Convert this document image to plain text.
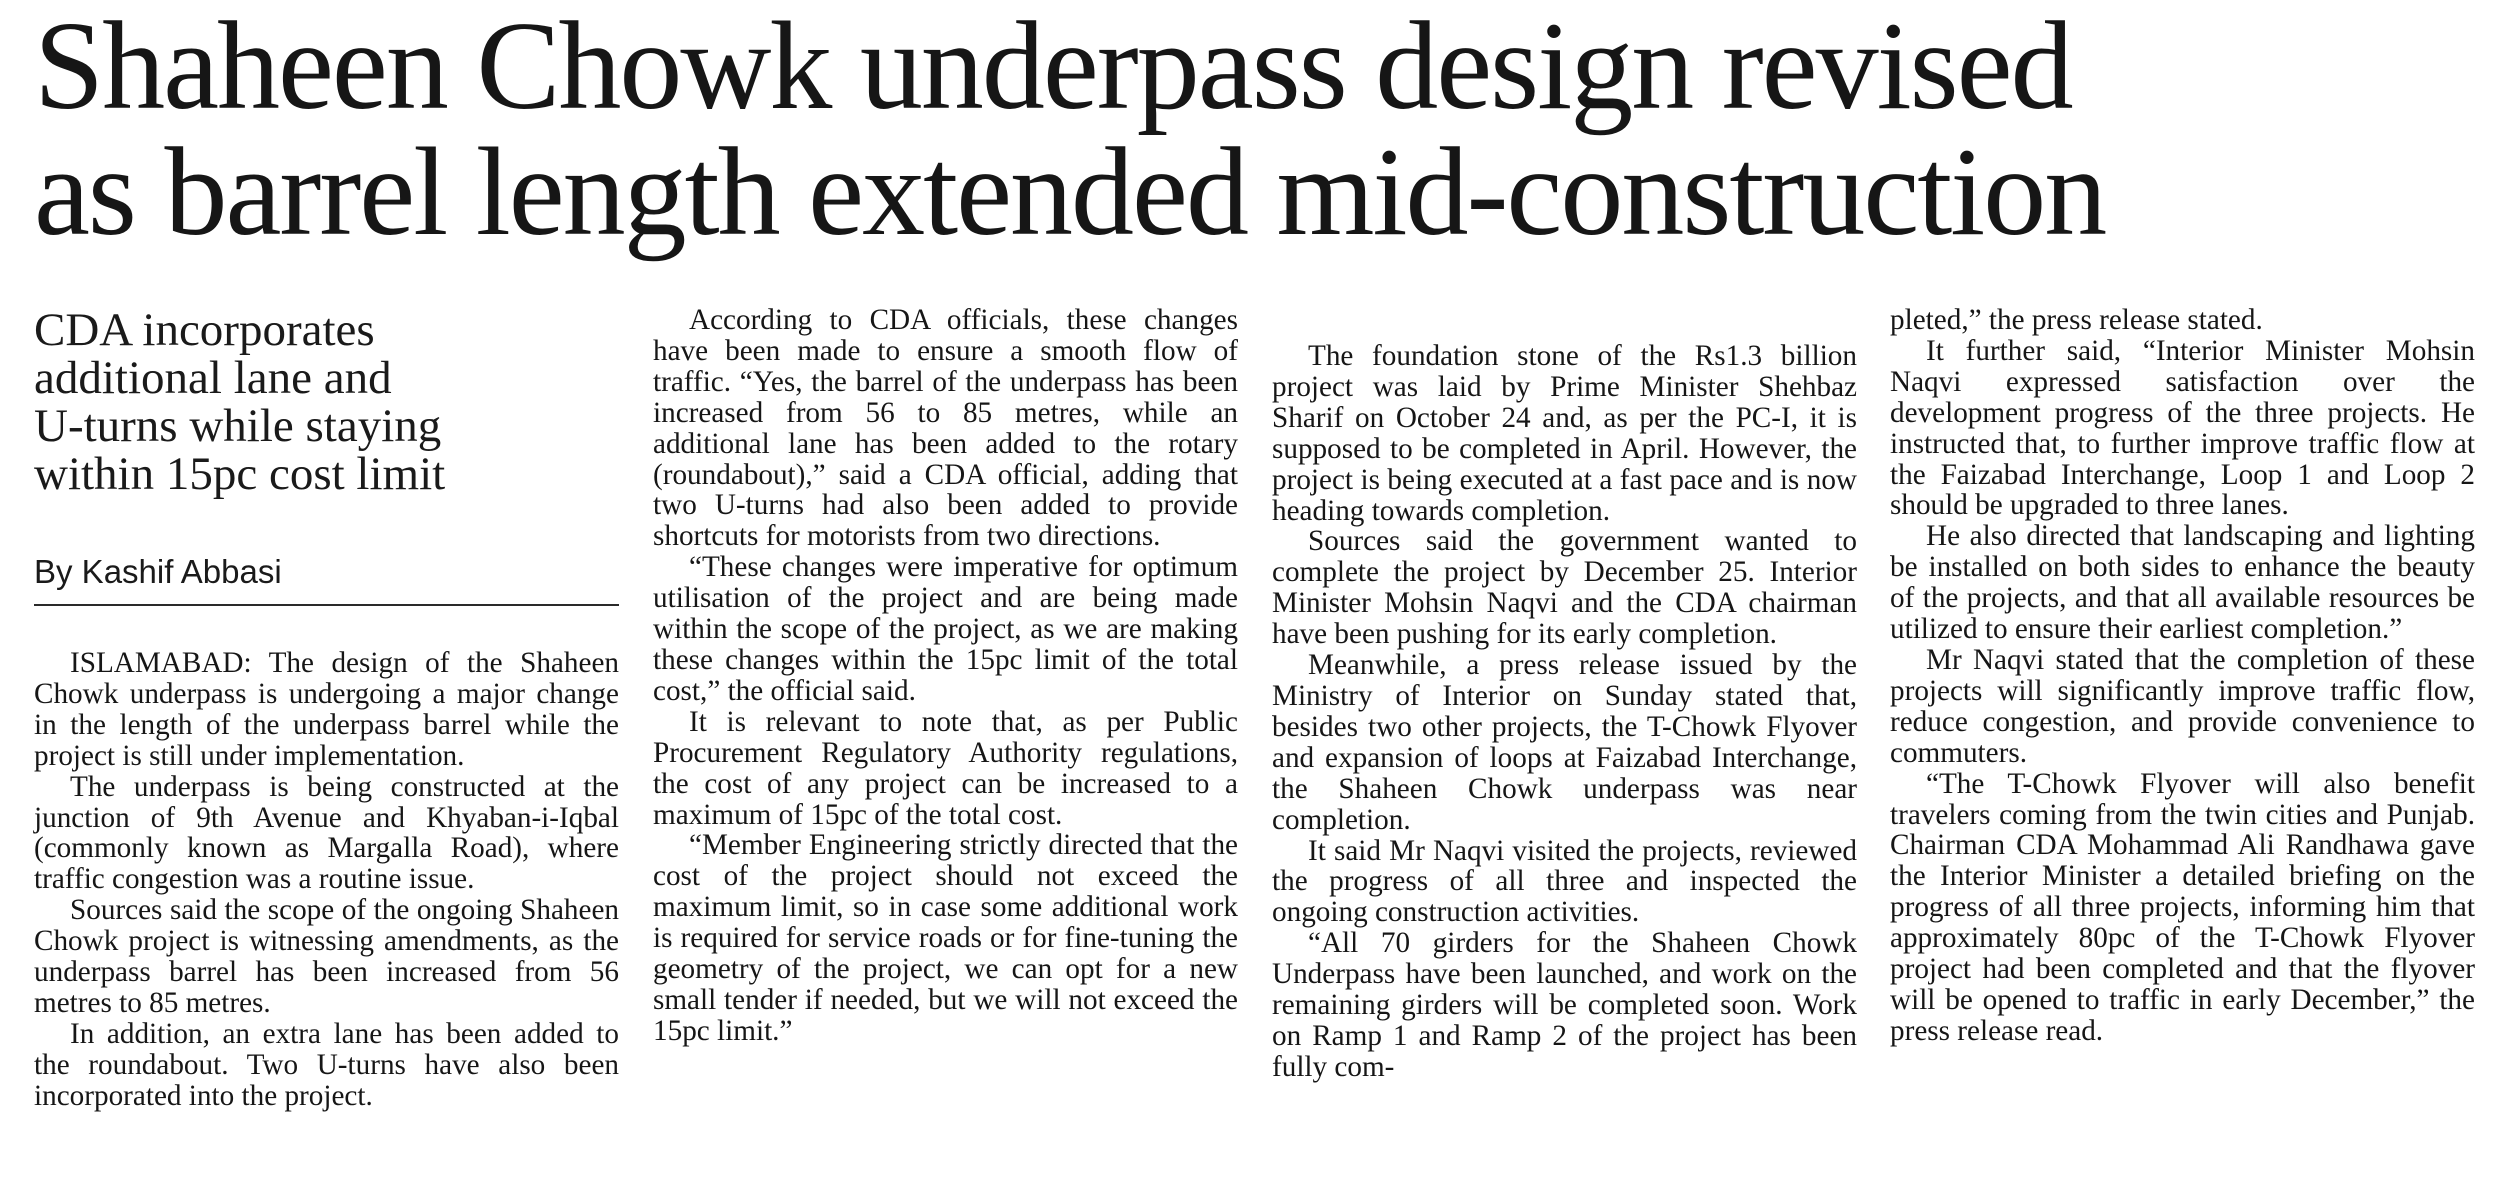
Shaheen Chowk underpass design revised
as barrel length extended mid-construction
CDA incorporates
additional lane and
U-turns while staying
within 15pc cost limit
By Kashif Abbasi

ISLAMABAD: The design of the Shaheen Chowk underpass is undergoing a major change in the length of the underpass barrel while the project is still under implementation.

The underpass is being constructed at the junction of 9th Avenue and Khyaban-i-Iqbal (commonly known as Margalla Road), where traffic congestion was a routine issue.

Sources said the scope of the ongoing Shaheen Chowk project is witnessing amendments, as the underpass barrel has been increased from 56 metres to 85 metres.

In addition, an extra lane has been added to the roundabout. Two U-turns have also been incorporated into the project.

According to CDA officials, these changes have been made to ensure a smooth flow of traffic. “Yes, the barrel of the underpass has been increased from 56 to 85 metres, while an additional lane has been added to the rotary (roundabout),” said a CDA official, adding that two U-turns had also been added to provide shortcuts for motorists from two directions.

“These changes were imperative for optimum utilisation of the project and are being made within the scope of the project, as we are making these changes within the 15pc limit of the total cost,” the official said.

It is relevant to note that, as per Public Procurement Regulatory Authority regulations, the cost of any project can be increased to a maximum of 15pc of the total cost.

“Member Engineering strictly directed that the cost of the project should not exceed the maximum limit, so in case some additional work is required for service roads or for fine-tuning the geometry of the project, we can opt for a new small tender if needed, but we will not exceed the 15pc limit.”

The foundation stone of the Rs1.3 billion project was laid by Prime Minister Shehbaz Sharif on October 24 and, as per the PC-I, it is supposed to be completed in April. However, the project is being executed at a fast pace and is now heading towards completion.

Sources said the government wanted to complete the project by December 25. Interior Minister Mohsin Naqvi and the CDA chairman have been pushing for its early completion.

Meanwhile, a press release issued by the Ministry of Interior on Sunday stated that, besides two other projects, the T-Chowk Flyover and expansion of loops at Faizabad Interchange, the Shaheen Chowk underpass was near completion.

It said Mr Naqvi visited the projects, reviewed the progress of all three and inspected the ongoing construction activities.

“All 70 girders for the Shaheen Chowk Underpass have been launched, and work on the remaining girders will be completed soon. Work on Ramp 1 and Ramp 2 of the project has been fully com-

pleted,” the press release stated.

It further said, “Interior Minister Mohsin Naqvi expressed satisfaction over the development progress of the three projects. He instructed that, to further improve traffic flow at the Faizabad Interchange, Loop 1 and Loop 2 should be upgraded to three lanes.

He also directed that landscaping and lighting be installed on both sides to enhance the beauty of the projects, and that all available resources be utilized to ensure their earliest completion.”

Mr Naqvi stated that the completion of these projects will significantly improve traffic flow, reduce congestion, and provide convenience to commuters.

“The T-Chowk Flyover will also benefit travelers coming from the twin cities and Punjab. Chairman CDA Mohammad Ali Randhawa gave the Interior Minister a detailed briefing on the progress of all three projects, informing him that approximately 80pc of the T-Chowk Flyover project had been completed and that the flyover will be opened to traffic in early December,” the press release read.
